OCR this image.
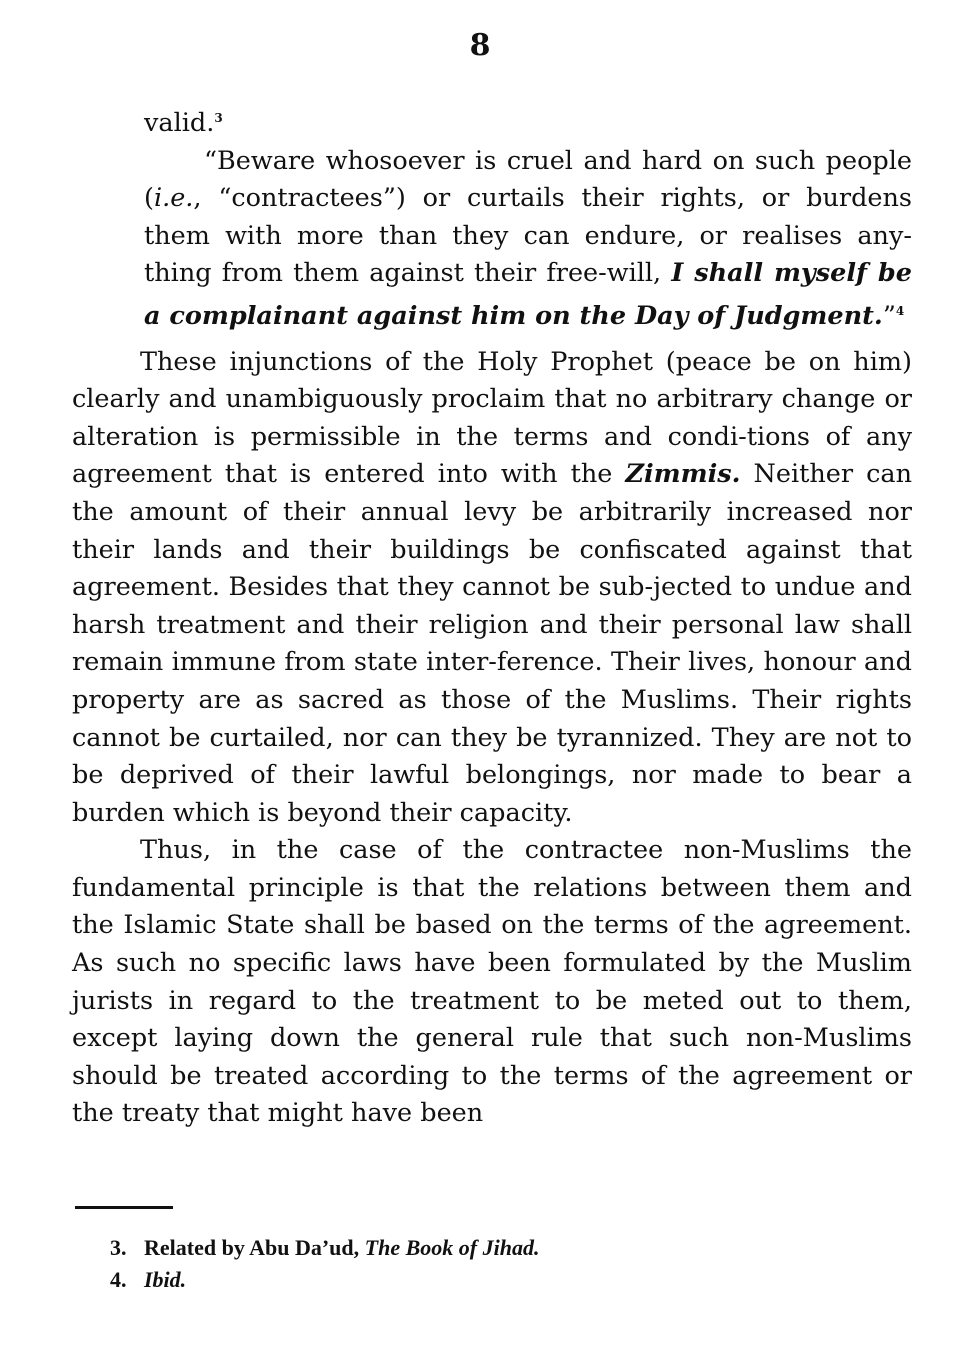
8

valid.$^3$

“Beware whosoever is cruel and hard on such people (i.e., “contractees”) or curtails their rights, or burdens them with more than they can endure, or realises any-thing from them against their free-will, I shall myself be a complainant against him on the Day of Judgment.”$^4$

These injunctions of the Holy Prophet (peace be on him) clearly and unambiguously proclaim that no arbitrary change or alteration is permissible in the terms and condi-tions of any agreement that is entered into with the Zimmis. Neither can the amount of their annual levy be arbitrarily increased nor their lands and their buildings be confiscated against that agreement. Besides that they cannot be sub-jected to undue and harsh treatment and their religion and their personal law shall remain immune from state inter-ference. Their lives, honour and property are as sacred as those of the Muslims. Their rights cannot be curtailed, nor can they be tyrannized. They are not to be deprived of their lawful belongings, nor made to bear a burden which is beyond their capacity.

Thus, in the case of the contractee non-Muslims the fundamental principle is that the relations between them and the Islamic State shall be based on the terms of the agreement. As such no specific laws have been formulated by the Muslim jurists in regard to the treatment to be meted out to them, except laying down the general rule that such non-Muslims should be treated according to the terms of the agreement or the treaty that might have been

3. Related by Abu Da’ud, The Book of Jihad.
4. Ibid.
